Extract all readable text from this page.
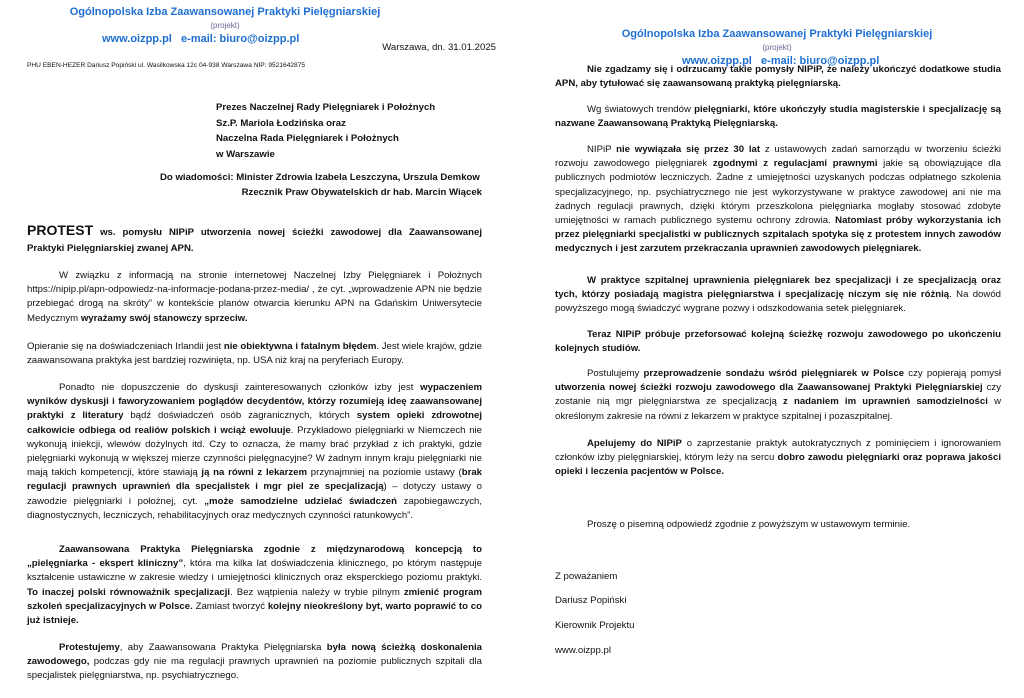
Ogólnopolska Izba Zaawansowanej Praktyki Pielęgniarskiej (projekt)
www.oizpp.pl e-mail: biuro@oizpp.pl
Warszawa, dn. 31.01.2025
PHU EBEN-HEZER Dariusz Popiński ul. Wasilkowska 12c 04-938 Warszawa NIP: 9521642875
Prezes Naczelnej Rady Pielęgniarek i Położnych
Sz.P. Mariola Łodzińska oraz
Naczelna Rada Pielęgniarek i Położnych
w Warszawie
Do wiadomości: Minister Zdrowia Izabela Leszczyna, Urszula Demkow
Rzecznik Praw Obywatelskich dr hab. Marcin Wiącek
PROTEST ws. pomysłu NIPiP utworzenia nowej ścieżki zawodowej dla Zaawansowanej Praktyki Pielęgniarskiej zwanej APN.
W związku z informacją na stronie internetowej Naczelnej Izby Pielęgniarek i Położnych https://nipip.pl/apn-odpowiedz-na-informacje-podana-przez-media/ , że cyt. „wprowadzenie APN nie będzie przebiegać drogą na skróty” w kontekście planów otwarcia kierunku APN na Gdańskim Uniwersytecie Medycznym wyrażamy swój stanowczy sprzeciw.
Opieranie się na doświadczeniach Irlandii jest nie obiektywna i fatalnym błędem. Jest wiele krajów, gdzie zaawansowana praktyka jest bardziej rozwinięta, np. USA niż kraj na peryferiach Europy.
Ponadto nie dopuszczenie do dyskusji zainteresowanych członków izby jest wypaczeniem wyników dyskusji i faworyzowaniem poglądów decydentów, którzy rozumieją ideę zaawansowanej praktyki z literatury bądź doświadczeń osób zagranicznych, których system opieki zdrowotnej całkowicie odbiega od realiów polskich i wciąż ewoluuje. Przykładowo pielęgniarki w Niemczech nie wykonują iniekcji, wlewów dożylnych itd. Czy to oznacza, że mamy brać przykład z ich praktyki, gdzie pielęgniarki wykonują w większej mierze czynności pielęgnacyjne? W żadnym innym kraju pielęgniarki nie mają takich kompetencji, które stawiają ją na równi z lekarzem przynajmniej na poziomie ustawy (brak regulacji prawnych uprawnień dla specjalistek i mgr piel ze specjalizacją) – dotyczy ustawy o zawodzie pielęgniarki i położnej, cyt. „może samodzielne udzielać świadczeń zapobiegawczych, diagnostycznych, leczniczych, rehabilitacyjnych oraz medycznych czynności ratunkowych”.
Zaawansowana Praktyka Pielęgniarska zgodnie z międzynarodową koncepcją to „pielęgniarka - ekspert kliniczny”, która ma kilka lat doświadczenia klinicznego, po którym następuje kształcenie ustawiczne w zakresie wiedzy i umiejętności klinicznych oraz eksperckiego poziomu praktyki. To inaczej polski równoważnik specjalizacji. Bez wątpienia należy w trybie pilnym zmienić program szkoleń specjalizacyjnych w Polsce. Zamiast tworzyć kolejny nieokreślony byt, warto poprawić to co już istnieje.
Protestujemy, aby Zaawansowana Praktyka Pielęgniarska była nową ścieżką doskonalenia zawodowego, podczas gdy nie ma regulacji prawnych uprawnień na poziomie publicznych szpitali dla specjalistek pielęgniarstwa, np. psychiatrycznego.
Ogólnopolska Izba Zaawansowanej Praktyki Pielęgniarskiej (projekt)
www.oizpp.pl e-mail: biuro@oizpp.pl
Nie zgadzamy się i odrzucamy takie pomysły NIPiP, że należy ukończyć dodatkowe studia APN, aby tytułować się zaawansowaną praktyką pielęgniarską.
Wg światowych trendów pielęgniarki, które ukończyły studia magisterskie i specjalizację są nazwane Zaawansowaną Praktyką Pielęgniarską.
NIPiP nie wywiązała się przez 30 lat z ustawowych zadań samorządu w tworzeniu ścieżki rozwoju zawodowego pielęgniarek zgodnymi z regulacjami prawnymi jakie są obowiązujące dla publicznych podmiotów leczniczych. Żadne z umiejętności uzyskanych podczas odpłatnego szkolenia specjalizacyjnego, np. psychiatrycznego nie jest wykorzystywane w praktyce zawodowej ani nie ma żadnych regulacji prawnych, dzięki którym przeszkolona pielęgniarka mogłaby stosować zdobyte umiejętności w ramach publicznego systemu ochrony zdrowia. Natomiast próby wykorzystania ich przez pielęgniarki specjalistki w publicznych szpitalach spotyka się z protestem innych zawodów medycznych i jest zarzutem przekraczania uprawnień zawodowych pielęgniarek.
W praktyce szpitalnej uprawnienia pielęgniarek bez specjalizacji i ze specjalizacją oraz tych, którzy posiadają magistra pielęgniarstwa i specjalizację niczym się nie różnią. Na dowód powyższego mogą świadczyć wygrane pozwy i odszkodowania setek pielęgniarek.
Teraz NIPiP próbuje przeforsować kolejną ścieżkę rozwoju zawodowego po ukończeniu kolejnych studiów.
Postulujemy przeprowadzenie sondażu wśród pielęgniarek w Polsce czy popierają pomysł utworzenia nowej ścieżki rozwoju zawodowego dla Zaawansowanej Praktyki Pielęgniarskiej czy zostanie nią mgr pielęgniarstwa ze specjalizacją z nadaniem im uprawnień samodzielności w określonym zakresie na równi z lekarzem w praktyce szpitalnej i pozaszpitalnej.
Apelujemy do NIPiP o zaprzestanie praktyk autokratycznych z pominięciem i ignorowaniem członków izby pielęgniarskiej, którym leży na sercu dobro zawodu pielęgniarki oraz poprawa jakości opieki i leczenia pacjentów w Polsce.
Proszę o pisemną odpowiedź zgodnie z powyższym w ustawowym terminie.
Z poważaniem
Dariusz Popiński
Kierownik Projektu
www.oizpp.pl
